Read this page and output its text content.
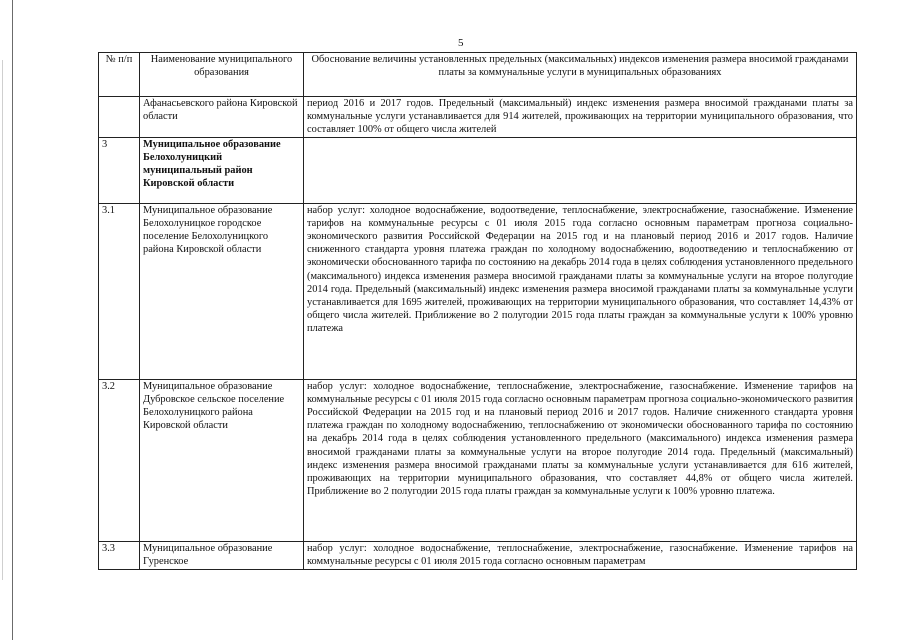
5
№ п/п	Наименование муниципального образования	Обоснование величины установленных предельных (максимальных) индексов изменения размера вносимой гражданами платы за коммунальные услуги в муниципальных образованиях
	Афанасьевского района Кировской области	период 2016 и 2017 годов. Предельный (максимальный) индекс изменения размера вносимой гражданами платы за коммунальные услуги устанавливается для 914 жителей, проживающих на территории муниципального образования, что составляет 100% от общего числа жителей
3	Муниципальное образование Белохолуницкий муниципальный район Кировской области	
3.1	Муниципальное образование Белохолуницкое городское поселение Белохолуницкого района Кировской области	набор услуг: холодное водоснабжение, водоотведение, теплоснабжение, электроснабжение, газоснабжение. Изменение тарифов на коммунальные ресурсы с 01 июля 2015 года согласно основным параметрам прогноза социально-экономического развития Российской Федерации на 2015 год и на плановый период 2016 и 2017 годов. Наличие сниженного стандарта уровня платежа граждан по холодному водоснабжению, водоотведению и теплоснабжению от экономически обоснованного тарифа по состоянию на декабрь 2014 года в целях соблюдения установленного предельного (максимального) индекса изменения размера вносимой гражданами платы за коммунальные услуги на второе полугодие 2014 года. Предельный (максимальный) индекс изменения размера вносимой гражданами платы за коммунальные услуги устанавливается для 1695 жителей, проживающих на территории муниципального образования, что составляет 14,43% от общего числа жителей. Приближение во 2 полугодии 2015 года платы граждан за коммунальные услуги к 100% уровню платежа
3.2	Муниципальное образование Дубровское сельское поселение Белохолуницкого района Кировской области	набор услуг: холодное водоснабжение, теплоснабжение, электроснабжение, газоснабжение. Изменение тарифов на коммунальные ресурсы с 01 июля 2015 года согласно основным параметрам прогноза социально-экономического развития Российской Федерации на 2015 год и на плановый период 2016 и 2017 годов. Наличие сниженного стандарта уровня платежа граждан по холодному водоснабжению, теплоснабжению от экономически обоснованного тарифа по состоянию на декабрь 2014 года в целях соблюдения установленного предельного (максимального) индекса изменения размера вносимой гражданами платы за коммунальные услуги на второе полугодие 2014 года. Предельный (максимальный) индекс изменения размера вносимой гражданами платы за коммунальные услуги устанавливается для 616 жителей, проживающих на территории муниципального образования, что составляет 44,8% от общего числа жителей. Приближение во 2 полугодии 2015 года платы граждан за коммунальные услуги к 100% уровню платежа.
3.3	Муниципальное образование Гуренское	набор услуг: холодное водоснабжение, теплоснабжение, электроснабжение, газоснабжение. Изменение тарифов на коммунальные ресурсы с 01 июля 2015 года согласно основным параметрам
